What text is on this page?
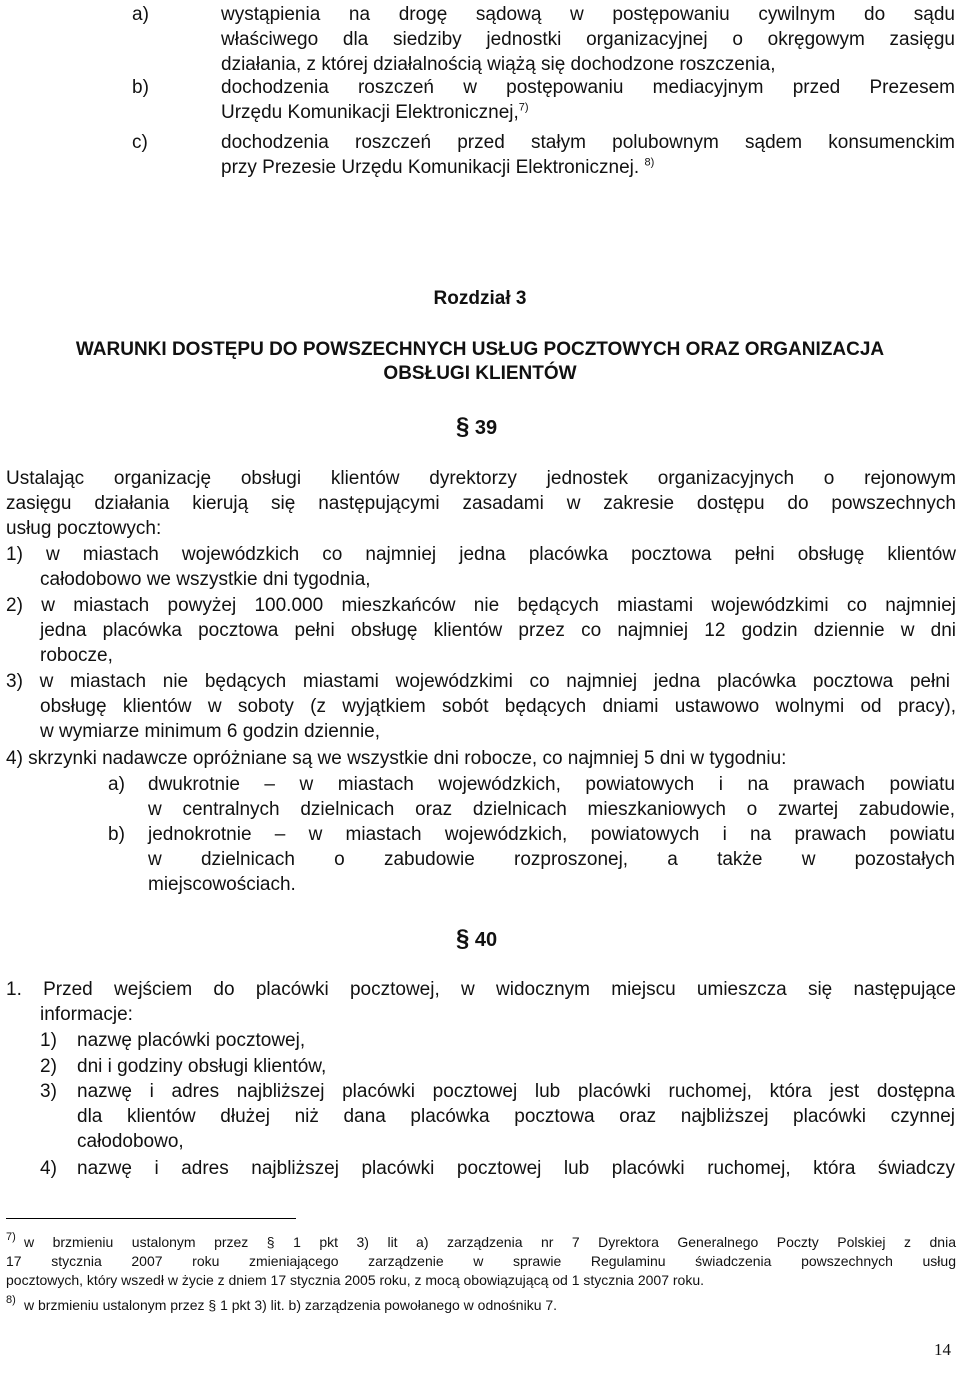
a)	wystąpienia na drogę sądową w postępowaniu cywilnym do sądu
właściwego dla siedziby jednostki organizacyjnej o okręgowym zasięgu
działania, z której działalnością wiążą się dochodzone roszczenia,
b)	dochodzenia roszczeń w postępowaniu mediacyjnym przed Prezesem
Urzędu Komunikacji Elektronicznej,$^{7)}$
c)	dochodzenia roszczeń przed stałym polubownym sądem konsumenckim
przy Prezesie Urzędu Komunikacji Elektronicznej. $^{8)}$
Rozdział 3
WARUNKI DOSTĘPU DO POWSZECHNYCH USŁUG POCZTOWYCH ORAZ ORGANIZACJA
OBSŁUGI KLIENTÓW
§ 39
Ustalając organizację obsługi klientów dyrektorzy jednostek organizacyjnych o rejonowym
zasięgu działania kierują się następującymi zasadami w zakresie dostępu do powszechnych
usług pocztowych:
1) w miastach wojewódzkich co najmniej jedna placówka pocztowa pełni obsługę klientów
całodobowo we wszystkie dni tygodnia,
2) w miastach powyżej 100.000 mieszkańców nie będących miastami wojewódzkimi co najmniej
jedna placówka pocztowa pełni obsługę klientów przez co najmniej 12 godzin dziennie w dni
robocze,
3) w miastach nie będących miastami wojewódzkimi co najmniej jedna placówka pocztowa pełni
obsługę klientów w soboty (z wyjątkiem sobót będących dniami ustawowo wolnymi od pracy),
w wymiarze minimum 6 godzin dziennie,
4) skrzynki nadawcze opróżniane są we wszystkie dni robocze, co najmniej 5 dni w tygodniu:
a) dwukrotnie – w miastach wojewódzkich, powiatowych i na prawach powiatu
w centralnych dzielnicach oraz dzielnicach mieszkaniowych o zwartej zabudowie,
b) jednokrotnie – w miastach wojewódzkich, powiatowych i na prawach powiatu
w dzielnicach o zabudowie rozproszonej, a także w pozostałych
miejscowościach.
§ 40
1. Przed wejściem do placówki pocztowej, w widocznym miejscu umieszcza się następujące
informacje:
1) nazwę placówki pocztowej,
2) dni i godziny obsługi klientów,
3) nazwę i adres najbliższej placówki pocztowej lub placówki ruchomej, która jest dostępna
dla klientów dłużej niż dana placówka pocztowa oraz najbliższej placówki czynnej
całodobowo,
4) nazwę i adres najbliższej placówki pocztowej lub placówki ruchomej, która świadczy
7) w brzmieniu ustalonym przez § 1 pkt 3) lit a) zarządzenia nr 7 Dyrektora Generalnego Poczty Polskiej z dnia
17 stycznia 2007 roku zmieniającego zarządzenie w sprawie Regulaminu świadczenia powszechnych usług
pocztowych, który wszedł w życie z dniem 17 stycznia 2005 roku, z mocą obowiązującą od 1 stycznia 2007 roku.
8) w brzmieniu ustalonym przez § 1 pkt 3) lit. b) zarządzenia powołanego w odnośniku 7.
14
